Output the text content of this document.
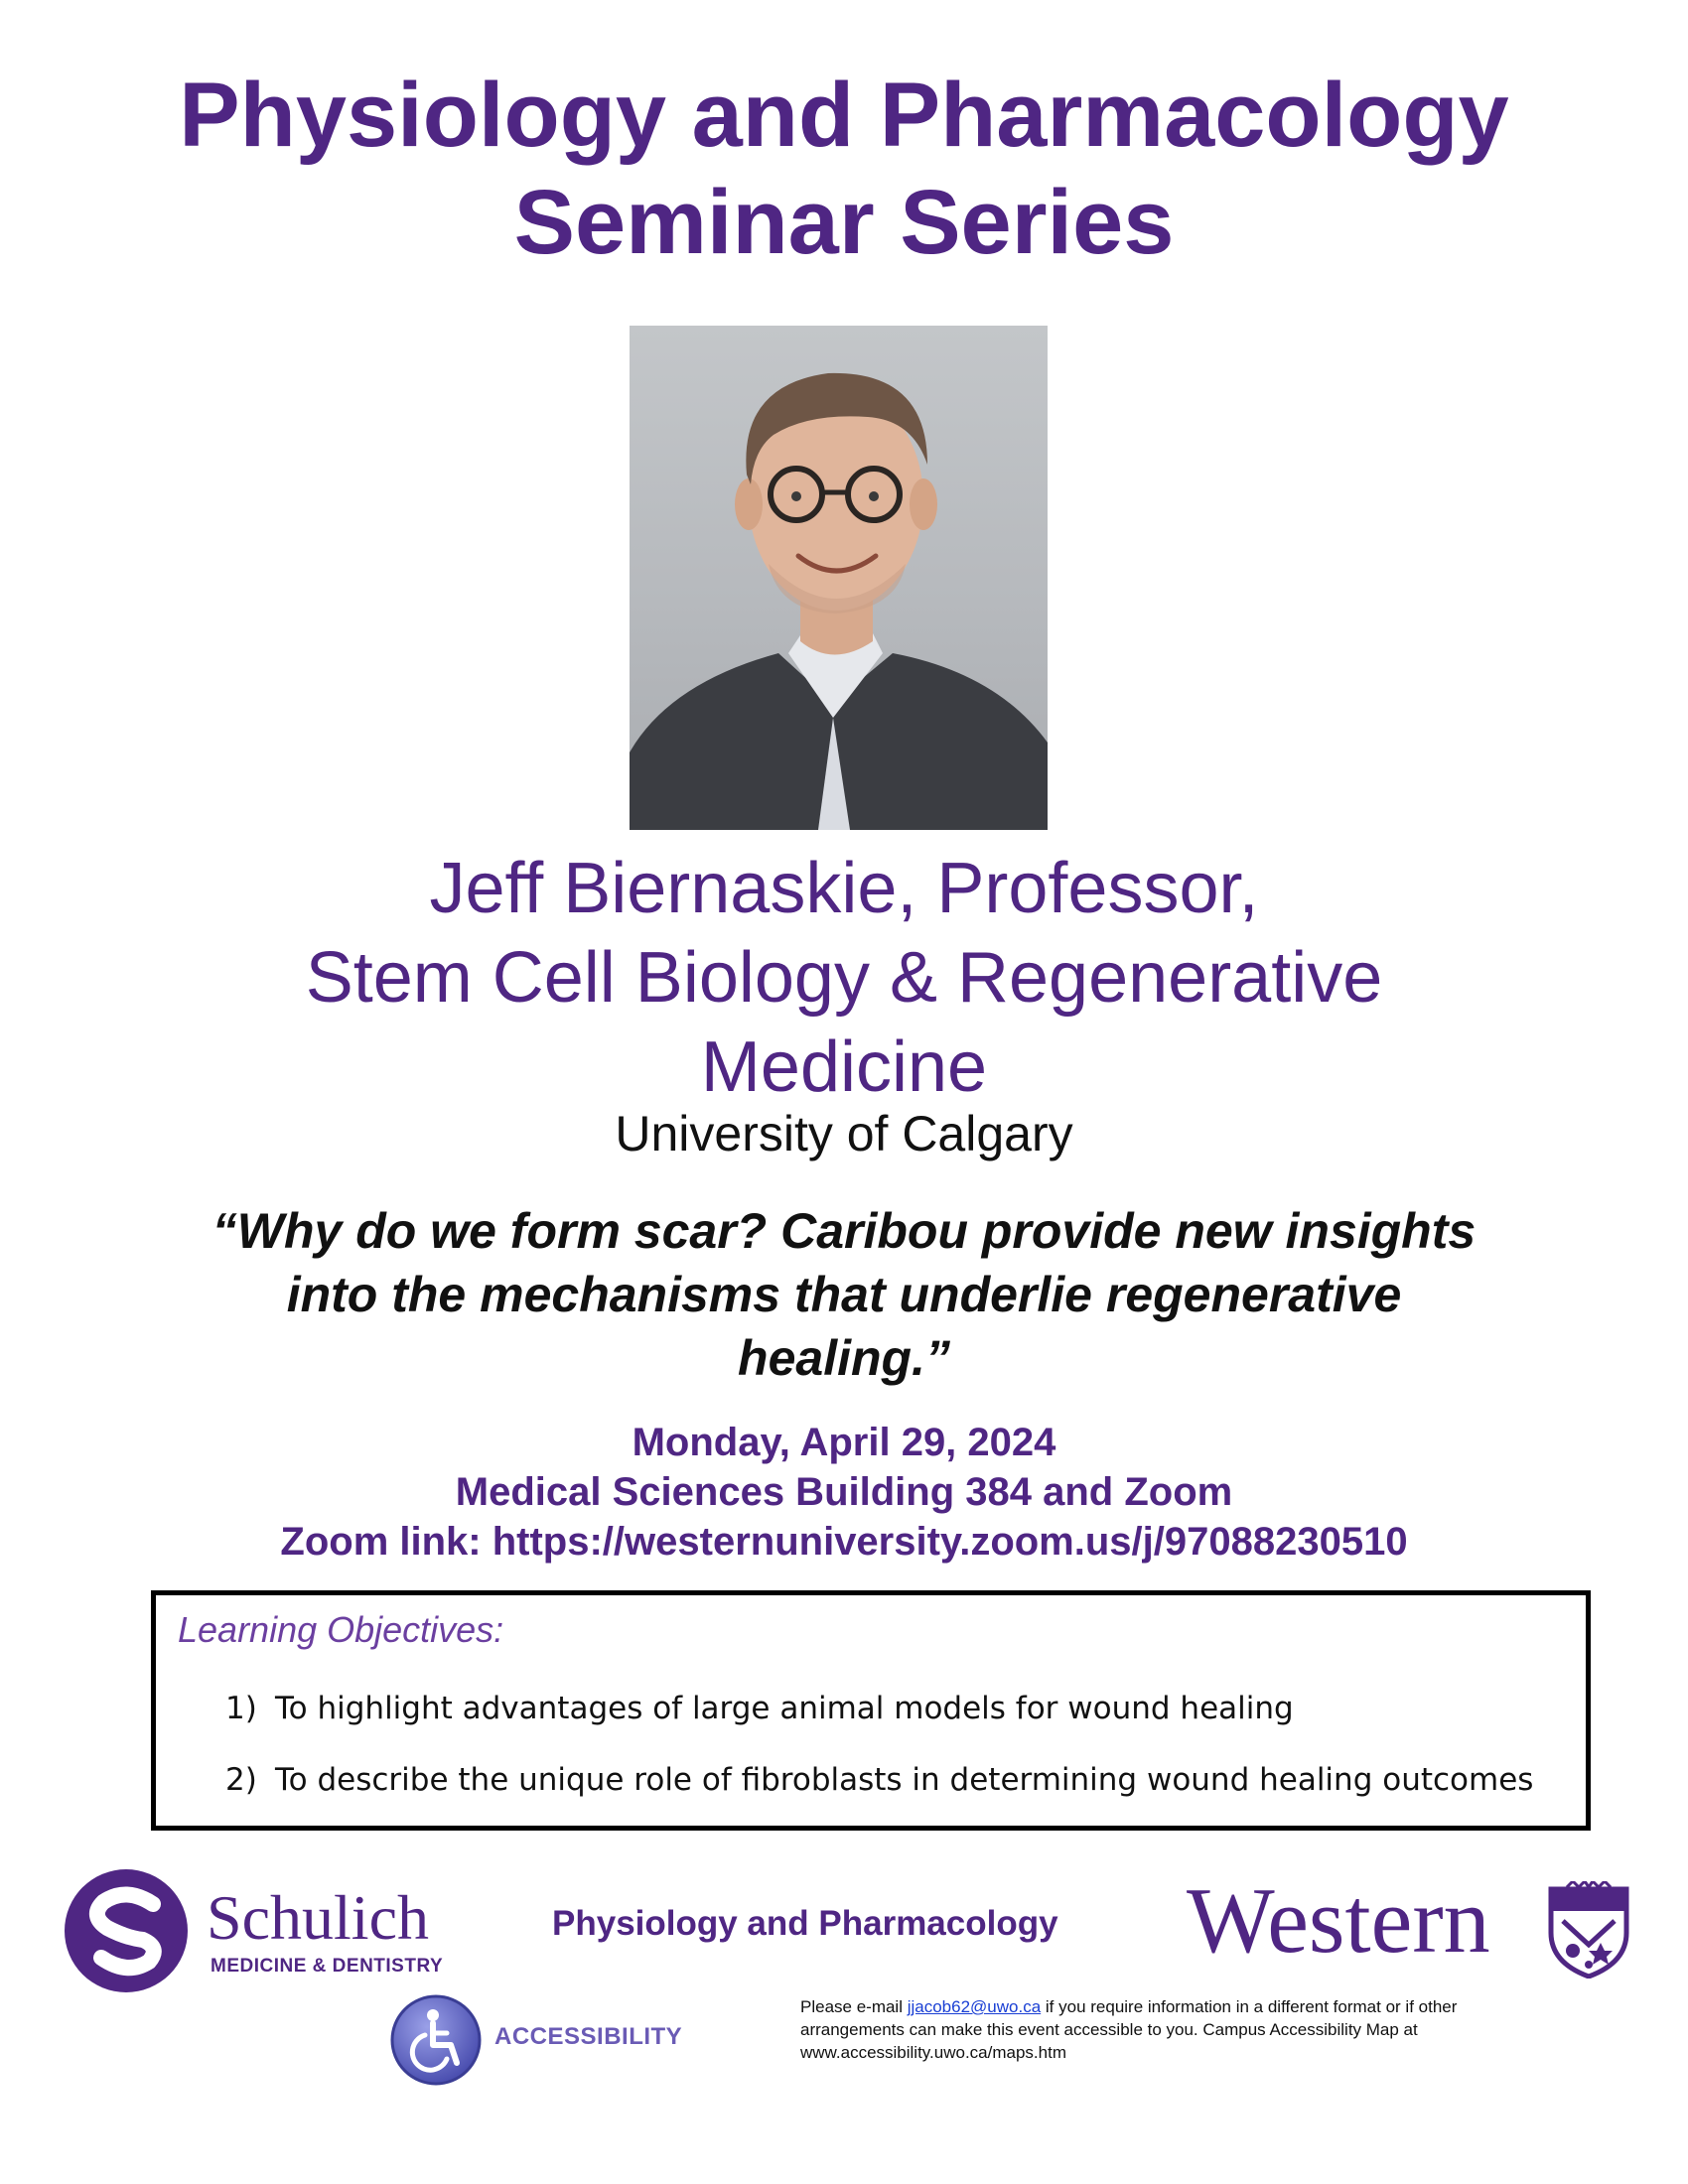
Physiology and Pharmacology
Seminar Series
Jeff Biernaskie, Professor,
Stem Cell Biology & Regenerative
Medicine
University of Calgary
“Why do we form scar? Caribou provide new insights
into the mechanisms that underlie regenerative
healing.”
Monday, April 29, 2024
Medical Sciences Building 384 and Zoom
Zoom link: https://westernuniversity.zoom.us/j/97088230510
Learning Objectives:
1) To highlight advantages of large animal models for wound healing
2) To describe the unique role of fibroblasts in determining wound healing outcomes
Schulich
MEDICINE & DENTISTRY
Physiology and Pharmacology Western
ACCESSIBILITY
Please e-mail jjacob62@uwo.ca if you require information in a different format or if other arrangements can make this event accessible to you. Campus Accessibility Map at www.accessibility.uwo.ca/maps.htm
